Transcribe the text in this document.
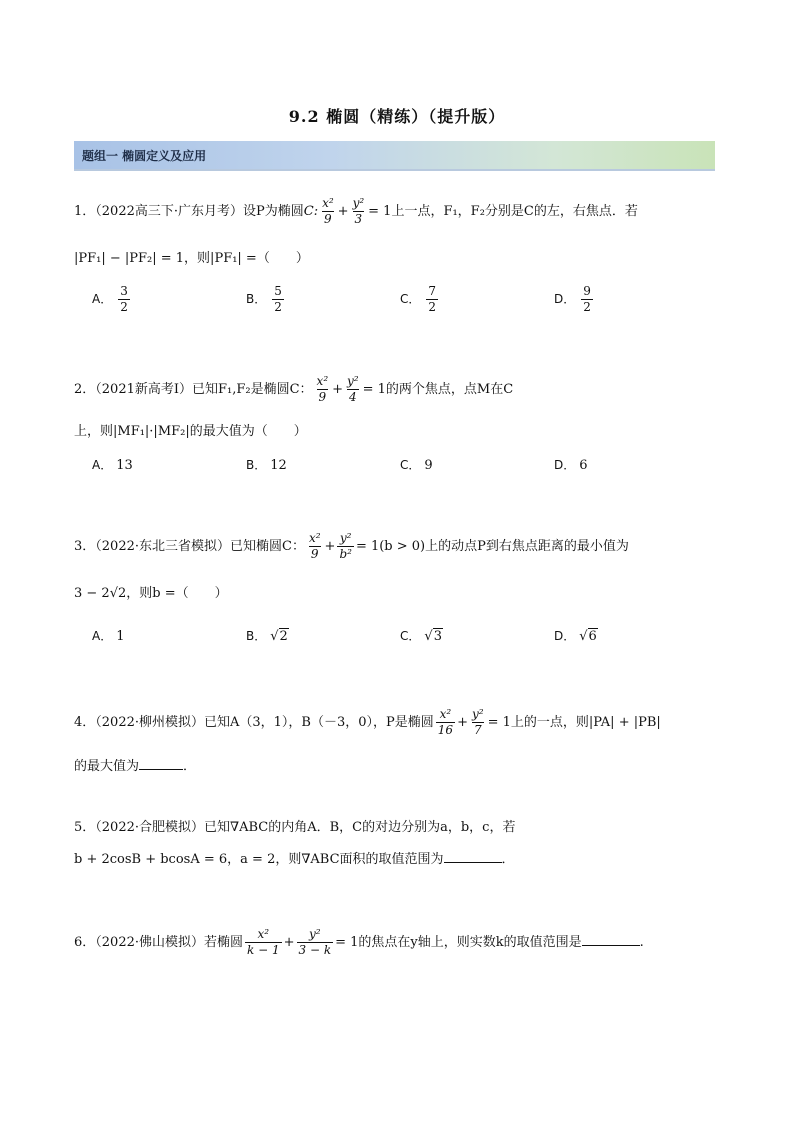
9.2 椭圆（精练）（提升版）
题组一 椭圆定义及应用
1．（2022高三下·广东月考）设P为椭圆C: $\frac{\text{x²}}{9} + \frac{\text{y²}}{3} = 1$上一点，F₁，F₂分别是C的左，右焦点．若
|PF₁| − |PF₂| = 1，则|PF₁| =（　　）
A． $\frac{3}{2}$	B． $\frac{5}{2}$	C． $\frac{7}{2}$	D． $\frac{9}{2}$
2．（2021新高考Ⅰ）已知F₁,F₂是椭圆C： $\frac{\text{x²}}{9} + \frac{\text{y²}}{4} = 1$的两个焦点，点M在C
上，则|MF₁|·|MF₂|的最大值为（　　）
A． 13	B． 12	C． 9	D． 6
3．（2022·东北三省模拟）已知椭圆C： $\frac{\text{x²}}{9} + \frac{\text{y²}}{\text{b²}} = 1(b > 0)$上的动点P到右焦点距离的最小值为
3 − 2√2，则b =（　　）
A． 1	B． √2	C． √3	D． √6
4．（2022·柳州模拟）已知A（3，1），B（－3，0），P是椭圆 $\frac{\text{x²}}{16} + \frac{\text{y²}}{7} = 1$上的一点，则|PA| + |PB|
的最大值为	．
5．（2022·合肥模拟）已知∇ABC的内角A．B，C的对边分别为a，b，c，若
b + 2cosB + bcosA = 6，a = 2，则∇ABC面积的取值范围为	．
6．（2022·佛山模拟）若椭圆 $\frac{\text{x²}}{k - 1} + \frac{\text{y²}}{3 - k} = 1$的焦点在y轴上，则实数k的取值范围是	.
